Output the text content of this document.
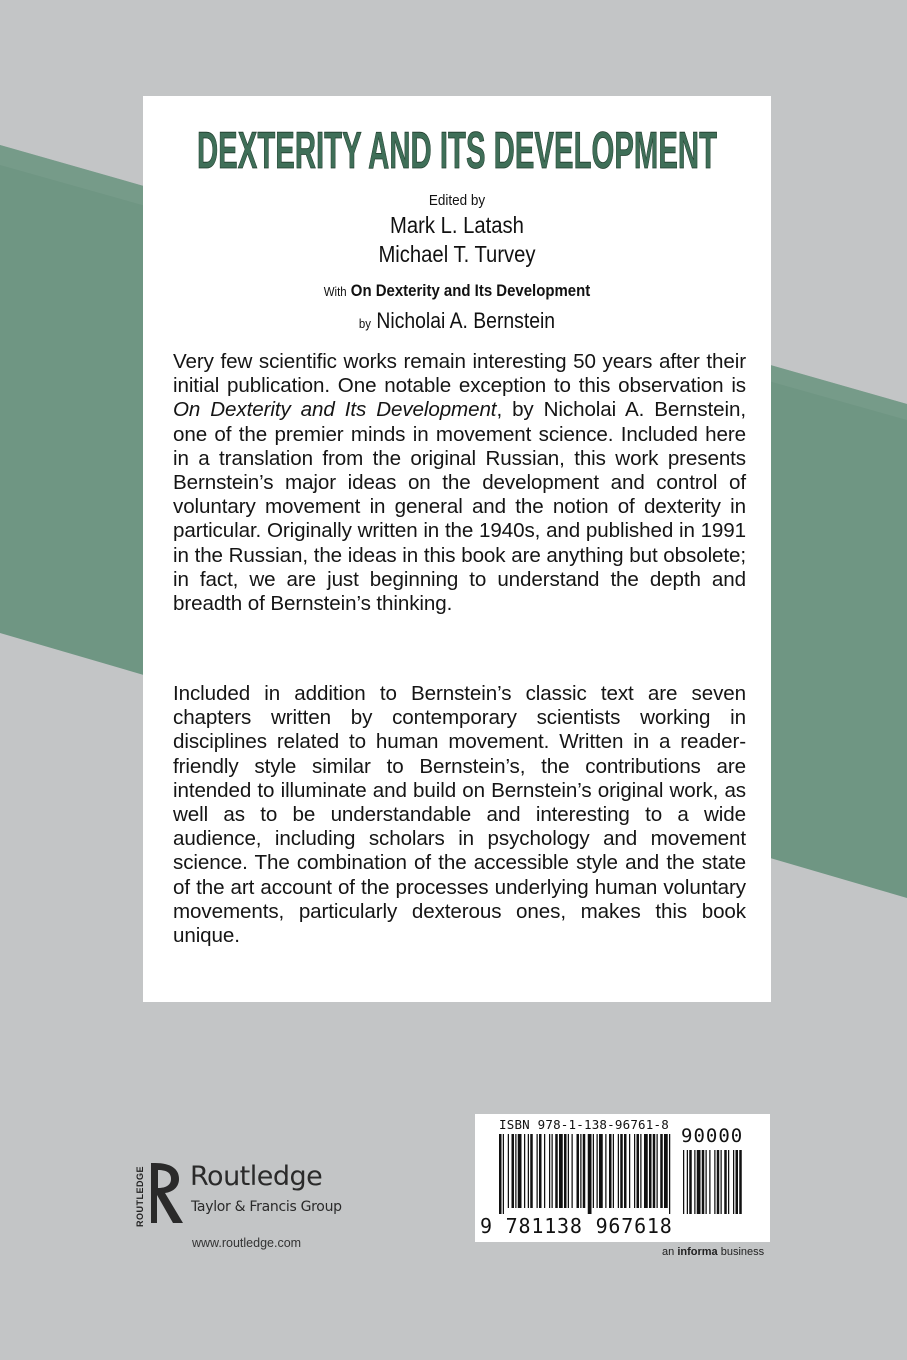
DEXTERITY AND ITS DEVELOPMENT
Edited by
Mark L. Latash
Michael T. Turvey
With On Dexterity and Its Development
by Nicholai A. Bernstein

Very few scientific works remain interesting 50 years after their initial publication. One notable exception to this observation is On Dexterity and Its Development, by Nicholai A. Bernstein, one of the premier minds in movement science. Included here in a translation from the original Russian, this work presents Bernstein’s major ideas on the development and control of voluntary movement in general and the notion of dexterity in particular. Originally written in the 1940s, and published in 1991 in the Russian, the ideas in this book are anything but obsolete; in fact, we are just beginning to understand the depth and breadth of Bernstein’s thinking.

Included in addition to Bernstein’s classic text are seven chapters written by contemporary scientists working in disciplines related to human movement. Written in a reader-friendly style similar to Bernstein’s, the contributions are intended to illuminate and build on Bernstein’s original work, as well as to be understandable and interesting to a wide audience, including scholars in psychology and movement science. The combination of the accessible style and the state of the art account of the processes underlying human voluntary movements, particularly dexterous ones, makes this book unique.

ROUTLEDGE Routledge
Taylor & Francis Group
www.routledge.com
ISBN 978-1-138-96761-8
90000
9 781138 967618
an informa business
